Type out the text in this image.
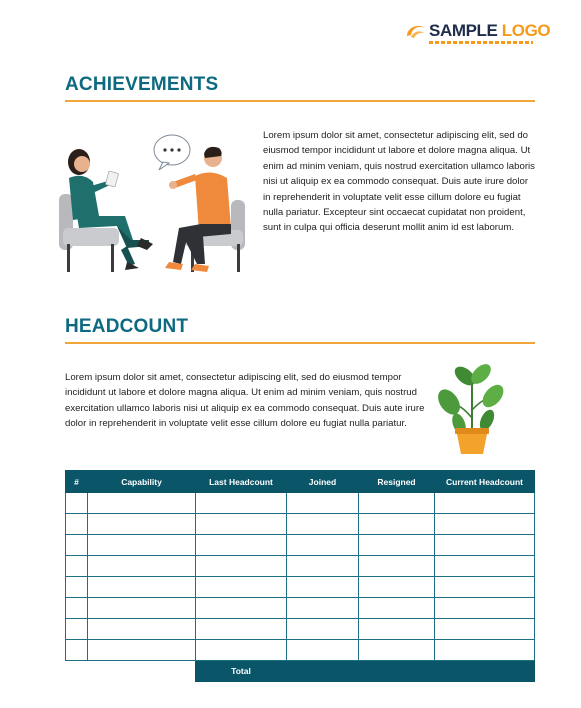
SAMPLE LOGO
ACHIEVEMENTS

Lorem ipsum dolor sit amet, consectetur adipiscing elit, sed do eiusmod tempor incididunt ut labore et dolore magna aliqua. Ut enim ad minim veniam, quis nostrud exercitation ullamco laboris nisi ut aliquip ex ea commodo consequat. Duis aute irure dolor in reprehenderit in voluptate velit esse cillum dolore eu fugiat nulla pariatur. Excepteur sint occaecat cupidatat non proident, sunt in culpa qui officia deserunt mollit anim id est laborum.

HEADCOUNT

Lorem ipsum dolor sit amet, consectetur adipiscing elit, sed do eiusmod tempor incididunt ut labore et dolore magna aliqua. Ut enim ad minim veniam, quis nostrud exercitation ullamco laboris nisi ut aliquip ex ea commodo consequat. Duis aute irure dolor in reprehenderit in voluptate velit esse cillum dolore eu fugiat nulla pariatur.

#	Capability	Last Headcount	Joined	Resigned	Current Headcount

		Total			
